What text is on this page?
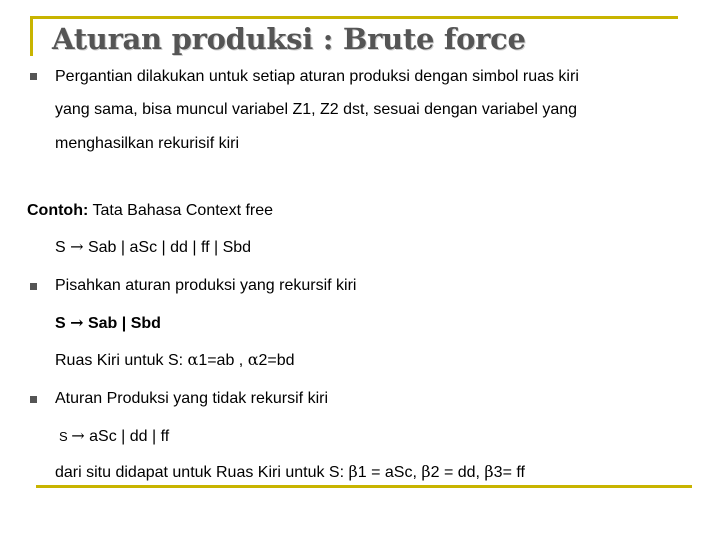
Aturan produksi : Brute force
Pergantian dilakukan untuk setiap aturan produksi dengan simbol ruas kiri
yang sama, bisa muncul variabel Z1, Z2 dst, sesuai dengan variabel yang
menghasilkan rekurisif kiri
Contoh: Tata Bahasa Context free
S → Sab | aSc | dd | ff | Sbd
Pisahkan aturan produksi yang rekursif kiri
S → Sab | Sbd
Ruas Kiri untuk S: α1=ab , α2=bd
Aturan Produksi yang tidak rekursif kiri
S → aSc | dd | ff
dari situ didapat untuk Ruas Kiri untuk S: β1 = aSc, β2 = dd, β3= ff
